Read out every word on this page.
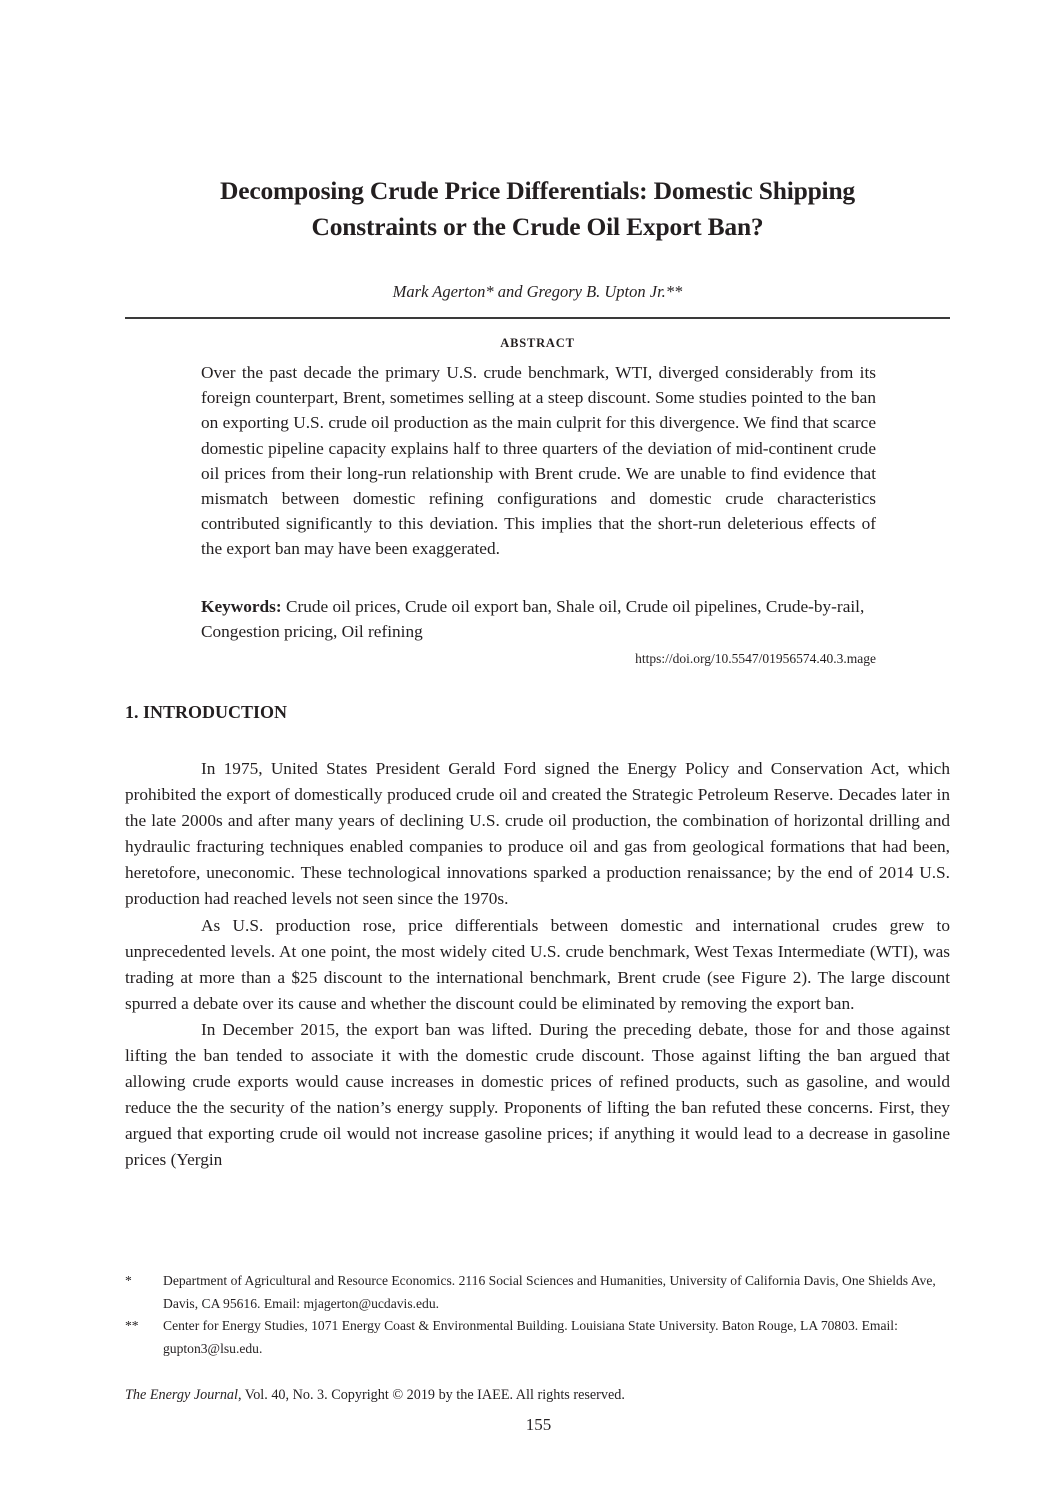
Decomposing Crude Price Differentials: Domestic Shipping
Constraints or the Crude Oil Export Ban?
Mark Agerton* and Gregory B. Upton Jr.**
ABSTRACT
Over the past decade the primary U.S. crude benchmark, WTI, diverged considerably from its foreign counterpart, Brent, sometimes selling at a steep discount. Some studies pointed to the ban on exporting U.S. crude oil production as the main culprit for this divergence. We find that scarce domestic pipeline capacity explains half to three quarters of the deviation of mid-continent crude oil prices from their long-run relationship with Brent crude. We are unable to find evidence that mismatch between domestic refining configurations and domestic crude characteristics contributed significantly to this deviation. This implies that the short-run deleterious effects of the export ban may have been exaggerated.
Keywords: Crude oil prices, Crude oil export ban, Shale oil, Crude oil pipelines, Crude-by-rail, Congestion pricing, Oil refining
https://doi.org/10.5547/01956574.40.3.mage
1. INTRODUCTION

In 1975, United States President Gerald Ford signed the Energy Policy and Conservation Act, which prohibited the export of domestically produced crude oil and created the Strategic Petroleum Reserve. Decades later in the late 2000s and after many years of declining U.S. crude oil production, the combination of horizontal drilling and hydraulic fracturing techniques enabled companies to produce oil and gas from geological formations that had been, heretofore, uneconomic. These technological innovations sparked a production renaissance; by the end of 2014 U.S. production had reached levels not seen since the 1970s.

As U.S. production rose, price differentials between domestic and international crudes grew to unprecedented levels. At one point, the most widely cited U.S. crude benchmark, West Texas Intermediate (WTI), was trading at more than a $25 discount to the international benchmark, Brent crude (see Figure 2). The large discount spurred a debate over its cause and whether the discount could be eliminated by removing the export ban.

In December 2015, the export ban was lifted. During the preceding debate, those for and those against lifting the ban tended to associate it with the domestic crude discount. Those against lifting the ban argued that allowing crude exports would cause increases in domestic prices of refined products, such as gasoline, and would reduce the the security of the nation’s energy supply. Proponents of lifting the ban refuted these concerns. First, they argued that exporting crude oil would not increase gasoline prices; if anything it would lead to a decrease in gasoline prices (Yergin

*	Department of Agricultural and Resource Economics. 2116 Social Sciences and Humanities, University of California Davis, One Shields Ave, Davis, CA 95616. Email: mjagerton@ucdavis.edu.
**	Center for Energy Studies, 1071 Energy Coast & Environmental Building. Louisiana State University. Baton Rouge, LA 70803. Email: gupton3@lsu.edu.
The Energy Journal, Vol. 40, No. 3. Copyright © 2019 by the IAEE. All rights reserved.
155
